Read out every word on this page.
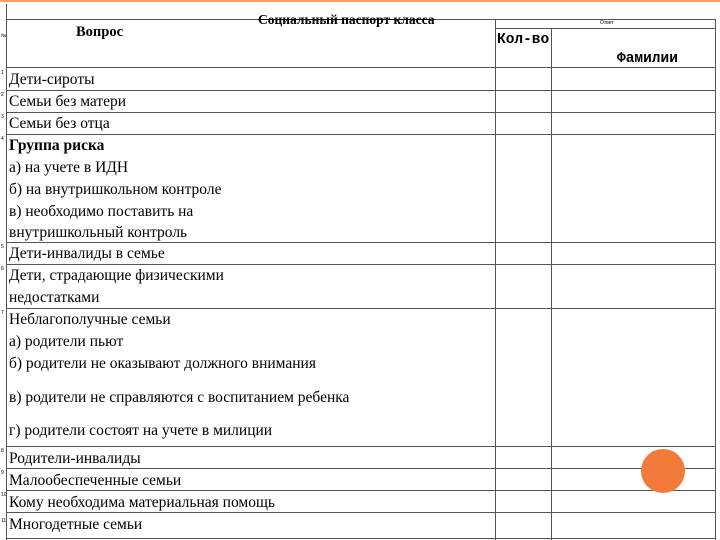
№	Вопрос
Социальный паспорт класса	Ответ
Кол-во
Фамилии
1
2
3
4
5
6
7
8
9
10
11
Дети-сироты
Семьи без матери
Семьи без отца
Группа риска
а) на учете в ИДН
б) на внутришкольном контроле
в) необходимо поставить на
внутришкольный контроль
Дети-инвалиды в семье
Дети, страдающие физическими
недостатками
Неблагополучные семьи
а) родители пьют
б) родители не оказывают должного внимания
в) родители не справляются с воспитанием ребенка
г) родители состоят на учете в милиции
Родители-инвалиды
Малообеспеченные семьи
Кому необходима материальная помощь
Многодетные семьи
